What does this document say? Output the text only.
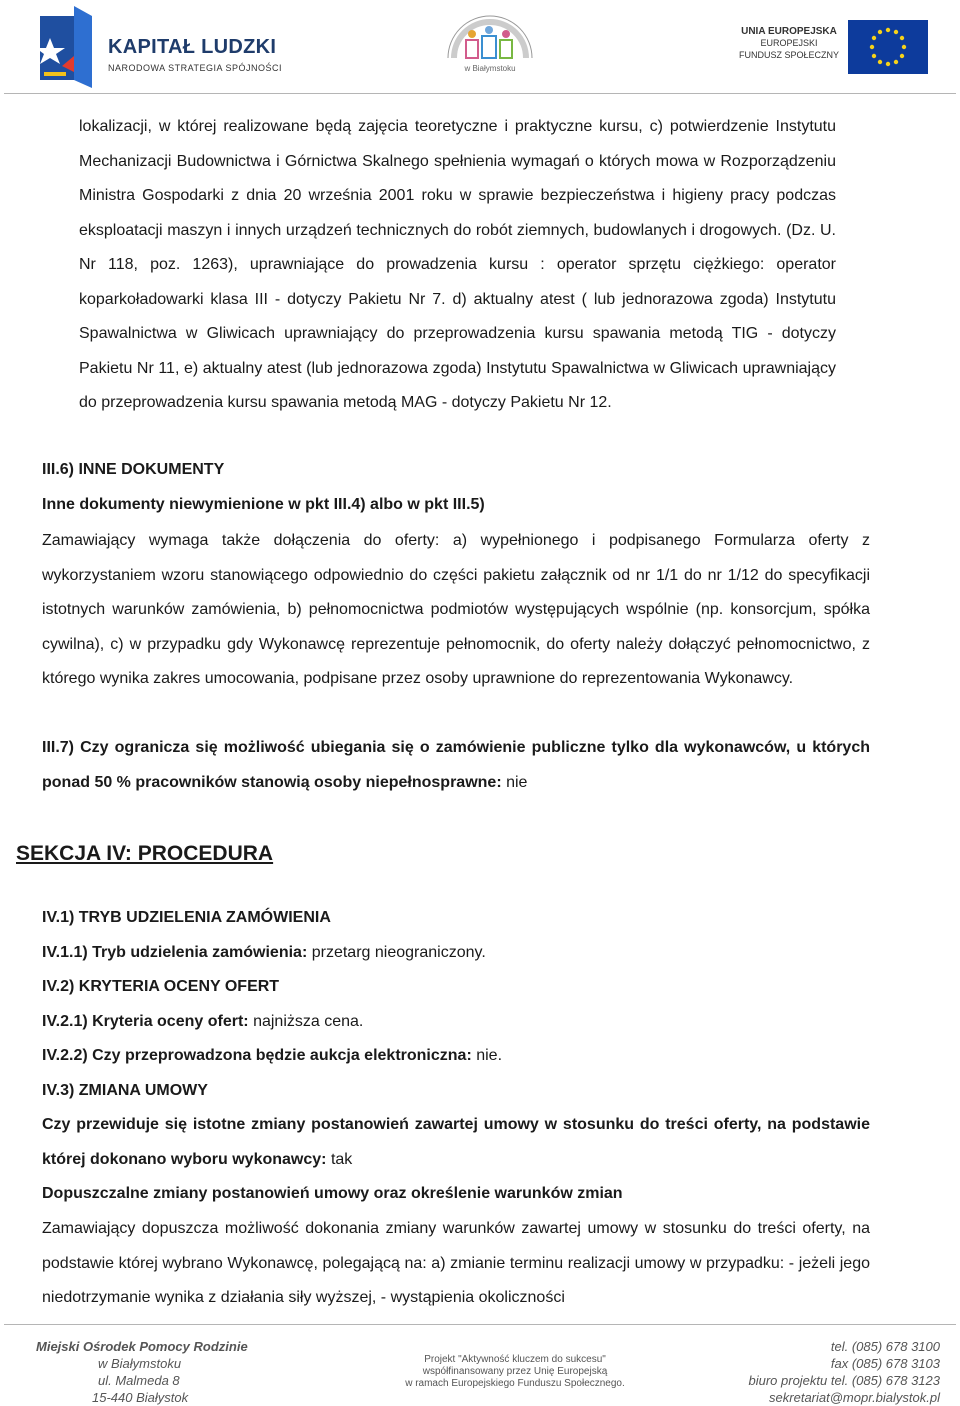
KAPITAŁ LUDZKI
NARODOWA STRATEGIA SPÓJNOŚCI	w Białymstoku
UNIA EUROPEJSKA
EUROPEJSKI
FUNDUSZ SPOŁECZNY

lokalizacji, w której realizowane będą zajęcia teoretyczne i praktyczne kursu, c) potwierdzenie Instytutu Mechanizacji Budownictwa i Górnictwa Skalnego spełnienia wymagań o których mowa w Rozporządzeniu Ministra Gospodarki z dnia 20 września 2001 roku w sprawie bezpieczeństwa i higieny pracy podczas eksploatacji maszyn i innych urządzeń technicznych do robót ziemnych, budowlanych i drogowych. (Dz. U. Nr 118, poz. 1263), uprawniające do prowadzenia kursu : operator sprzętu ciężkiego: operator koparkoładowarki klasa III - dotyczy Pakietu Nr 7. d) aktualny atest ( lub jednorazowa zgoda) Instytutu Spawalnictwa w Gliwicach uprawniający do przeprowadzenia kursu spawania metodą TIG - dotyczy Pakietu Nr 11, e) aktualny atest (lub jednorazowa zgoda) Instytutu Spawalnictwa w Gliwicach uprawniający do przeprowadzenia kursu spawania metodą MAG - dotyczy Pakietu Nr 12.

III.6) INNE DOKUMENTY

Inne dokumenty niewymienione w pkt III.4) albo w pkt III.5)

Zamawiający wymaga także dołączenia do oferty: a) wypełnionego i podpisanego Formularza oferty z wykorzystaniem wzoru stanowiącego odpowiednio do części pakietu załącznik od nr 1/1 do nr 1/12 do specyfikacji istotnych warunków zamówienia, b) pełnomocnictwa podmiotów występujących wspólnie (np. konsorcjum, spółka cywilna), c) w przypadku gdy Wykonawcę reprezentuje pełnomocnik, do oferty należy dołączyć pełnomocnictwo, z którego wynika zakres umocowania, podpisane przez osoby uprawnione do reprezentowania Wykonawcy.

III.7) Czy ogranicza się możliwość ubiegania się o zamówienie publiczne tylko dla wykonawców, u których ponad 50 % pracowników stanowią osoby niepełnosprawne: nie

SEKCJA IV: PROCEDURA

IV.1) TRYB UDZIELENIA ZAMÓWIENIA

IV.1.1) Tryb udzielenia zamówienia: przetarg nieograniczony.

IV.2) KRYTERIA OCENY OFERT

IV.2.1) Kryteria oceny ofert: najniższa cena.

IV.2.2) Czy przeprowadzona będzie aukcja elektroniczna: nie.

IV.3) ZMIANA UMOWY

Czy przewiduje się istotne zmiany postanowień zawartej umowy w stosunku do treści oferty, na podstawie której dokonano wyboru wykonawcy: tak

Dopuszczalne zmiany postanowień umowy oraz określenie warunków zmian

Zamawiający dopuszcza możliwość dokonania zmiany warunków zawartej umowy w stosunku do treści oferty, na podstawie której wybrano Wykonawcę, polegającą na: a) zmianie terminu realizacji umowy w przypadku: - jeżeli jego niedotrzymanie wynika z działania siły wyższej, - wystąpienia okoliczności

Miejski Ośrodek Pomocy Rodzinie
w Białymstoku
ul. Malmeda 8
15-440 Białystok
Projekt "Aktywność kluczem do sukcesu"
współfinansowany przez Unię Europejską
w ramach Europejskiego Funduszu Społecznego.
tel. (085) 678 3100
fax (085) 678 3103
biuro projektu tel. (085) 678 3123
sekretariat@mopr.bialystok.pl
